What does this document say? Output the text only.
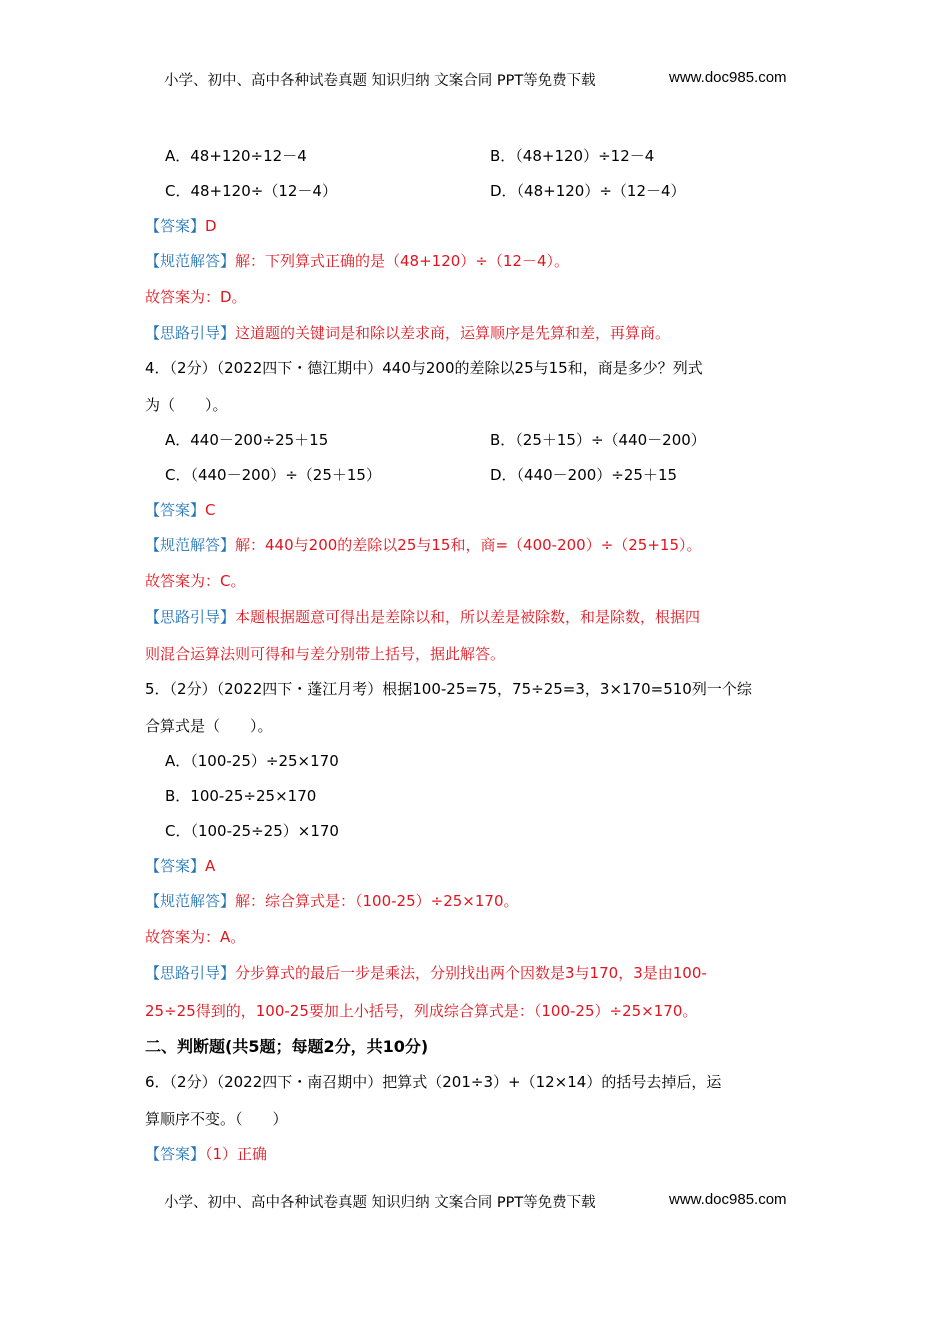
小学、初中、高中各种试卷真题 知识归纳 文案合同 PPT等免费下载	www.doc985.com
A．48+120÷12－4	B．（48+120）÷12－4
C．48+120÷（12－4）	D．（48+120）÷（12－4）
【答案】D
【规范解答】解：下列算式正确的是（48+120）÷（12－4）。
故答案为：D。
【思路引导】这道题的关键词是和除以差求商，运算顺序是先算和差，再算商。
4．（2分）（2022四下・德江期中）440与200的差除以25与15和，商是多少？列式
为（　　）。
A．440－200÷25＋15	B．（25＋15）÷（440－200）
C．（440－200）÷（25＋15）	D．（440－200）÷25＋15
【答案】C
【规范解答】解：440与200的差除以25与15和，商=（400-200）÷（25+15）。
故答案为：C。
【思路引导】本题根据题意可得出是差除以和，所以差是被除数，和是除数，根据四
则混合运算法则可得和与差分别带上括号，据此解答。
5．（2分）（2022四下・蓬江月考）根据100-25=75，75÷25=3，3×170=510列一个综
合算式是（　　）。
A．（100-25）÷25×170
B．100-25÷25×170
C．（100-25÷25）×170
【答案】A
【规范解答】解：综合算式是：（100-25）÷25×170。
故答案为：A。
【思路引导】分步算式的最后一步是乘法，分别找出两个因数是3与170，3是由100-
25÷25得到的，100-25要加上小括号，列成综合算式是：（100-25）÷25×170。
二、判断题(共5题；每题2分，共10分)
6．（2分）（2022四下・南召期中）把算式（201÷3）+（12×14）的括号去掉后，运
算顺序不变。（　　）
【答案】（1）正确
小学、初中、高中各种试卷真题 知识归纳 文案合同 PPT等免费下载	www.doc985.com
